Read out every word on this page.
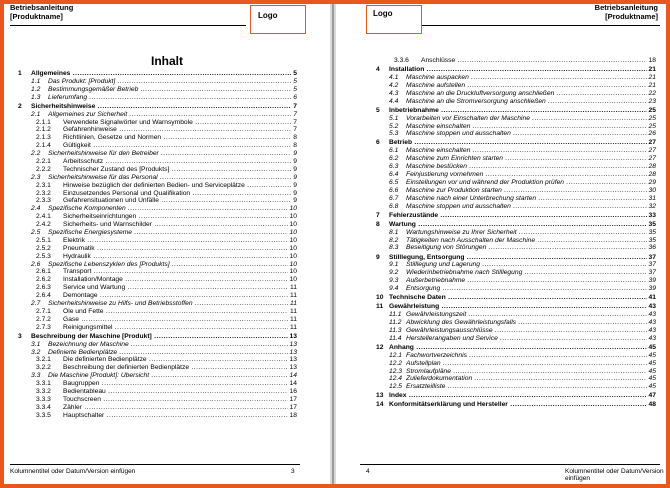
Betriebsanleitung
[Produktname]	Logo
Inhalt
1 Allgemeines .....	5
1.1 Das Produkt: [Produkt] .....	5
1.2 Bestimmungsgemäßer Betrieb .....	5
1.3 Lieferumfang .....	6
2 Sicherheitshinweise .....	7
2.1 Allgemeines zur Sicherheit .....	7
2.1.1 Verwendete Signalwörter und Warnsymbole .....	7
2.1.2 Gefahrenhinweise .....	7
2.1.3 Richtlinien, Gesetze und Normen .....	8
2.1.4 Gültigkeit .....	8
2.2 Sicherheitshinweise für den Betreiber .....	9
2.2.1 Arbeitsschutz .....	9
2.2.2 Technischer Zustand des [Produkts] .....	9
2.3 Sicherheitshinweise für das Personal .....	9
2.3.1 Hinweise bezüglich der definierten Bedien- und Serviceplätze .....	9
2.3.2 Einzusetzendes Personal und Qualifikation .....	9
2.3.3 Gefahrensituationen und Unfälle .....	9
2.4 Spezifische Komponenten .....	10
2.4.1 Sicherheitseinrichtungen .....	10
2.4.2 Sicherheits- und Warnschilder .....	10
2.5 Spezifische Energiesysteme .....	10
2.5.1 Elektrik .....	10
2.5.2 Pneumatik .....	10
2.5.3 Hydraulik .....	10
2.6 Spezifische Lebenszyklen des [Produkts] .....	10
2.6.1 Transport .....	10
2.6.2 Installation/Montage .....	10
2.6.3 Service und Wartung .....	11
2.6.4 Demontage .....	11
2.7 Sicherheitshinweise zu Hilfs- und Betriebsstoffen .....	11
2.7.1 Öle und Fette .....	11
2.7.2 Gase .....	11
2.7.3 Reinigungsmittel .....	11
3 Beschreibung der Maschine [Produkt] .....	13
3.1 Bezeichnung der Maschine .....	13
3.2 Definierte Bedienplätze .....	13
3.2.1 Die definierten Bedienplätze .....	13
3.2.2 Beschreibung der definierten Bedienplätze .....	13
3.3 Die Maschine [Produkt]: Übersicht .....	14
3.3.1 Baugruppen .....	14
3.3.2 Bedientableau .....	16
3.3.3 Touchscreen .....	17
3.3.4 Zähler .....	17
3.3.5 Hauptschalter .....	18
Kolumnentitel oder Datum/Version einfügen	3
Logo
Betriebsanleitung
[Produktname]
3.3.6 Anschlüsse .....	18
4 Installation .....	21
4.1 Maschine auspacken .....	21
4.2 Maschine aufstellen .....	21
4.3 Maschine an die Druckluftversorgung anschließen .....	22
4.4 Maschine an die Stromversorgung anschließen .....	23
5 Inbetriebnahme .....	25
5.1 Vorarbeiten vor Einschalten der Maschine .....	25
5.2 Maschine einschalten .....	25
5.3 Maschine stoppen und ausschalten .....	26
6 Betrieb .....	27
6.1 Maschine einschalten .....	27
6.2 Maschine zum Einrichten starten .....	27
6.3 Maschine bestücken .....	28
6.4 Feinjustierung vornehmen .....	28
6.5 Einstellungen vor und während der Produktion prüfen .....	29
6.6 Maschine zur Produktion starten .....	30
6.7 Maschine nach einer Unterbrechung starten .....	31
6.8 Maschine stoppen und ausschalten .....	32
7 Fehlerzustände .....	33
8 Wartung .....	35
8.1 Wartungshinweise zu Ihrer Sicherheit .....	35
8.2 Tätigkeiten nach Ausschalten der Maschine .....	35
8.3 Beseitigung von Störungen .....	36
9 Stilllegung, Entsorgung .....	37
9.1 Stilllegung und Lagerung .....	37
9.2 Wiederinbetriebnahme nach Stilllegung .....	37
9.3 Außerbetriebnahme .....	39
9.4 Entsorgung .....	39
10 Technische Daten .....	41
11 Gewährleistung .....	43
11.1 Gewährleistungszeit .....	43
11.2 Abwicklung des Gewährleistungsfalls .....	43
11.3 Gewährleistungsausschlüsse .....	43
11.4 Herstellerangaben und Service .....	43
12 Anhang .....	45
12.1 Fachwortverzeichnis .....	45
12.2 Aufstellplan .....	45
12.3 Stromlaufpläne .....	45
12.4 Zulieferdokumentation .....	45
12.5 Ersatzteilliste .....	45
13 Index .....	47
14 Konformitätserklärung und Hersteller .....	48
4	Kolumnentitel oder Datum/Version einfügen
